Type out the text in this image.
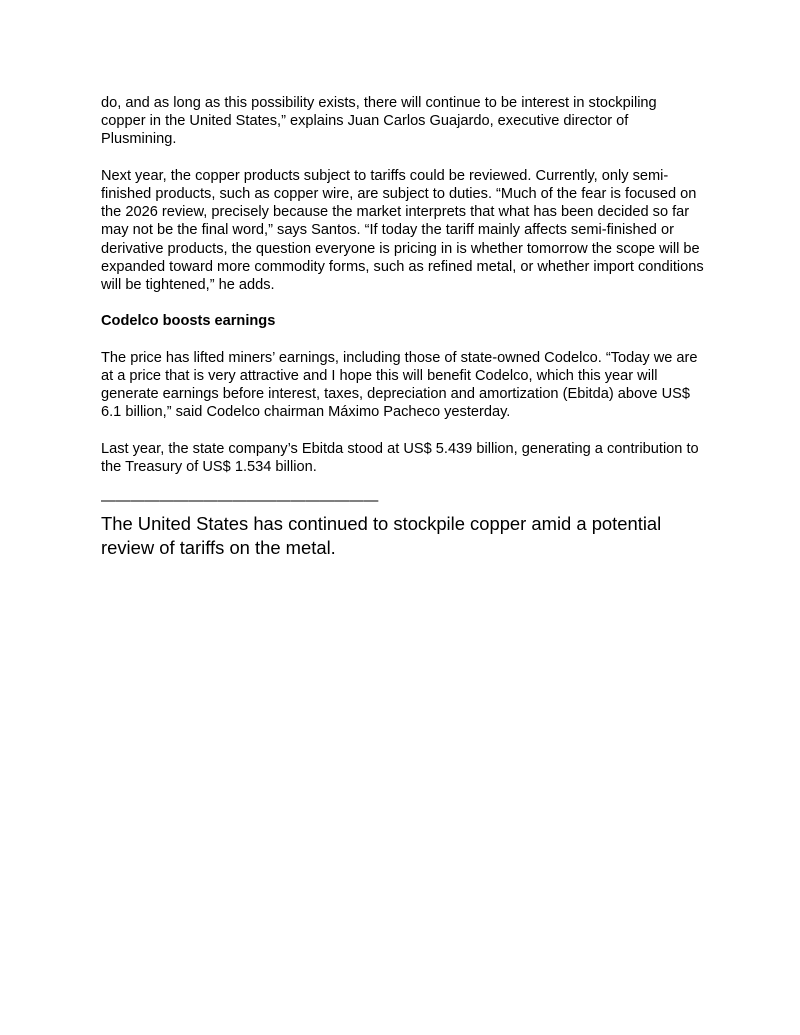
do, and as long as this possibility exists, there will continue to be interest in stockpiling copper in the United States,” explains Juan Carlos Guajardo, executive director of Plusmining.

Next year, the copper products subject to tariffs could be reviewed. Currently, only semi-finished products, such as copper wire, are subject to duties. “Much of the fear is focused on the 2026 review, precisely because the market interprets that what has been decided so far may not be the final word,” says Santos. “If today the tariff mainly affects semi-finished or derivative products, the question everyone is pricing in is whether tomorrow the scope will be expanded toward more commodity forms, such as refined metal, or whether import conditions will be tightened,” he adds.

Codelco boosts earnings

The price has lifted miners’ earnings, including those of state-owned Codelco. “Today we are at a price that is very attractive and I hope this will benefit Codelco, which this year will generate earnings before interest, taxes, depreciation and amortization (Ebitda) above US$ 6.1 billion,” said Codelco chairman Máximo Pacheco yesterday.

Last year, the state company’s Ebitda stood at US$ 5.439 billion, generating a contribution to the Treasury of US$ 1.534 billion.

———————————————————

The United States has continued to stockpile copper amid a potential review of tariffs on the metal.
